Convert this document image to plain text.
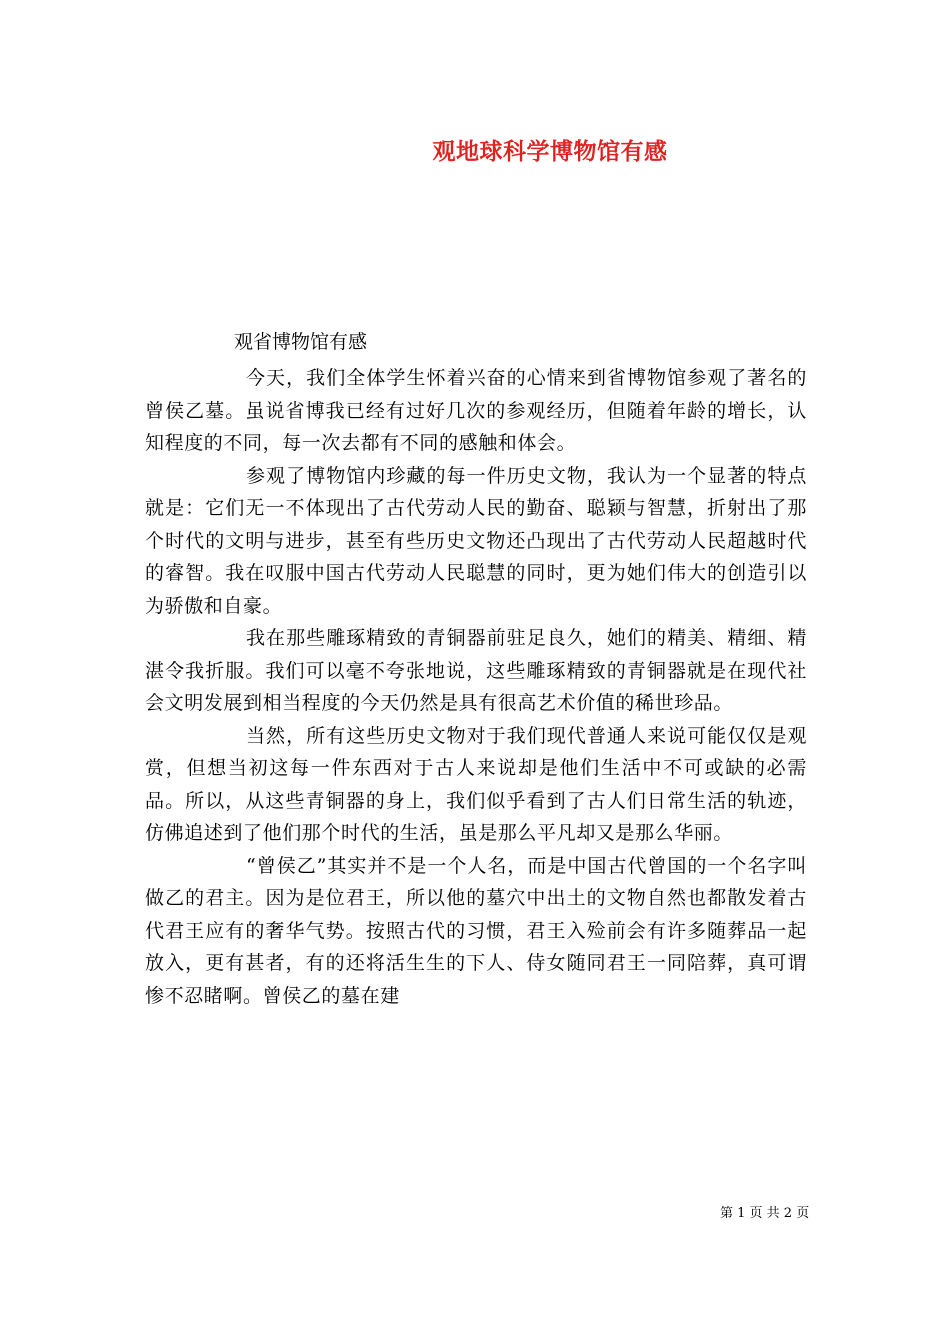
观地球科学博物馆有感
观省博物馆有感

今天，我们全体学生怀着兴奋的心情来到省博物馆参观了著名的曾侯乙墓。虽说省博我已经有过好几次的参观经历，但随着年龄的增长，认知程度的不同，每一次去都有不同的感触和体会。

参观了博物馆内珍藏的每一件历史文物，我认为一个显著的特点就是：它们无一不体现出了古代劳动人民的勤奋、聪颖与智慧，折射出了那个时代的文明与进步，甚至有些历史文物还凸现出了古代劳动人民超越时代的睿智。我在叹服中国古代劳动人民聪慧的同时，更为她们伟大的创造引以为骄傲和自豪。

我在那些雕琢精致的青铜器前驻足良久，她们的精美、精细、精湛令我折服。我们可以毫不夸张地说，这些雕琢精致的青铜器就是在现代社会文明发展到相当程度的今天仍然是具有很高艺术价值的稀世珍品。

当然，所有这些历史文物对于我们现代普通人来说可能仅仅是观赏，但想当初这每一件东西对于古人来说却是他们生活中不可或缺的必需品。所以，从这些青铜器的身上，我们似乎看到了古人们日常生活的轨迹，仿佛追述到了他们那个时代的生活，虽是那么平凡却又是那么华丽。

“曾侯乙”其实并不是一个人名，而是中国古代曾国的一个名字叫做乙的君主。因为是位君王，所以他的墓穴中出土的文物自然也都散发着古代君王应有的奢华气势。按照古代的习惯，君王入殓前会有许多随葬品一起放入，更有甚者，有的还将活生生的下人、侍女随同君王一同陪葬，真可谓惨不忍睹啊。曾侯乙的墓在建

第 1 页 共 2 页
